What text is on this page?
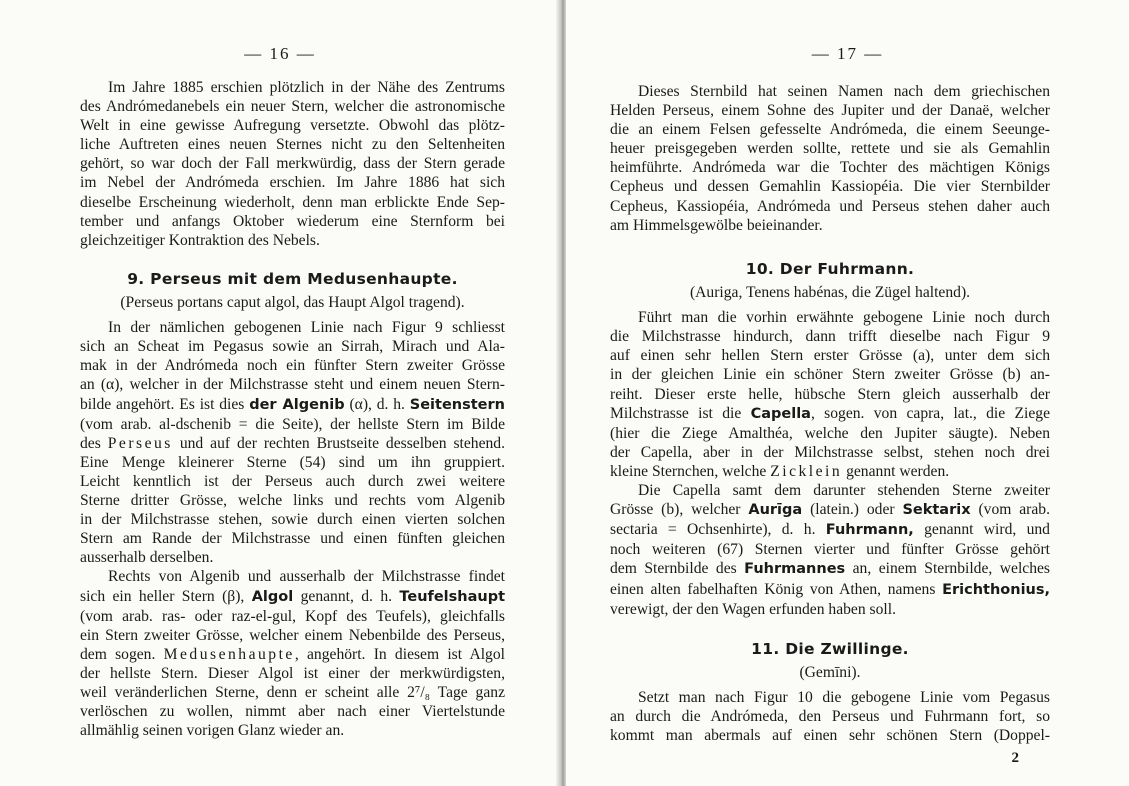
— 16 —
Im Jahre 1885 erschien plötzlich in der Nähe des Zentrums
des Andrómedanebels ein neuer Stern, welcher die astronomische
Welt in eine gewisse Aufregung versetzte. Obwohl das plötz-
liche Auftreten eines neuen Sternes nicht zu den Seltenheiten
gehört, so war doch der Fall merkwürdig, dass der Stern gerade
im Nebel der Andrómeda erschien. Im Jahre 1886 hat sich
dieselbe Erscheinung wiederholt, denn man erblickte Ende Sep-
tember und anfangs Oktober wiederum eine Sternform bei
gleichzeitiger Kontraktion des Nebels.
9. Perseus mit dem Medusenhaupte.
(Perseus portans caput algol, das Haupt Algol tragend).
In der nämlichen gebogenen Linie nach Figur 9 schliesst
sich an Scheat im Pegasus sowie an Sirrah, Mirach und Ala-
mak in der Andrómeda noch ein fünfter Stern zweiter Grösse
an (α), welcher in der Milchstrasse steht und einem neuen Stern-
bilde angehört. Es ist dies der Algenib (α), d. h. Seitenstern
(vom arab. al-dschenib = die Seite), der hellste Stern im Bilde
des Perseus und auf der rechten Brustseite desselben stehend.
Eine Menge kleinerer Sterne (54) sind um ihn gruppiert.
Leicht kenntlich ist der Perseus auch durch zwei weitere
Sterne dritter Grösse, welche links und rechts vom Algenib
in der Milchstrasse stehen, sowie durch einen vierten solchen
Stern am Rande der Milchstrasse und einen fünften gleichen
ausserhalb derselben.
Rechts von Algenib und ausserhalb der Milchstrasse findet
sich ein heller Stern (β), Algol genannt, d. h. Teufelshaupt
(vom arab. ras- oder raz-el-gul, Kopf des Teufels), gleichfalls
ein Stern zweiter Grösse, welcher einem Nebenbilde des Perseus,
dem sogen. Medusenhaupte, angehört. In diesem ist Algol
der hellste Stern. Dieser Algol ist einer der merkwürdigsten,
weil veränderlichen Sterne, denn er scheint alle 2⁷/₈ Tage ganz
verlöschen zu wollen, nimmt aber nach einer Viertelstunde
allmählig seinen vorigen Glanz wieder an.
— 17 —
Dieses Sternbild hat seinen Namen nach dem griechischen
Helden Perseus, einem Sohne des Jupiter und der Danaë, welcher
die an einem Felsen gefesselte Andrómeda, die einem Seeunge-
heuer preisgegeben werden sollte, rettete und sie als Gemahlin
heimführte. Andrómeda war die Tochter des mächtigen Königs
Cepheus und dessen Gemahlin Kassiopéia. Die vier Sternbilder
Cepheus, Kassiopéia, Andrómeda und Perseus stehen daher auch
am Himmelsgewölbe beieinander.
10. Der Fuhrmann.
(Auriga, Tenens habénas, die Zügel haltend).
Führt man die vorhin erwähnte gebogene Linie noch durch
die Milchstrasse hindurch, dann trifft dieselbe nach Figur 9
auf einen sehr hellen Stern erster Grösse (a), unter dem sich
in der gleichen Linie ein schöner Stern zweiter Grösse (b) an-
reiht. Dieser erste helle, hübsche Stern gleich ausserhalb der
Milchstrasse ist die Capella, sogen. von capra, lat., die Ziege
(hier die Ziege Amalthéa, welche den Jupiter säugte). Neben
der Capella, aber in der Milchstrasse selbst, stehen noch drei
kleine Sternchen, welche Zicklein genannt werden.
Die Capella samt dem darunter stehenden Sterne zweiter
Grösse (b), welcher Aurīga (latein.) oder Sektarix (vom arab.
sectaria = Ochsenhirte), d. h. Fuhrmann, genannt wird, und
noch weiteren (67) Sternen vierter und fünfter Grösse gehört
dem Sternbilde des Fuhrmannes an, einem Sternbilde, welches
einen alten fabelhaften König von Athen, namens Erichthonius,
verewigt, der den Wagen erfunden haben soll.
11. Die Zwillinge.
(Gemīni).
Setzt man nach Figur 10 die gebogene Linie vom Pegasus
an durch die Andrómeda, den Perseus und Fuhrmann fort, so
kommt man abermals auf einen sehr schönen Stern (Doppel-
2
